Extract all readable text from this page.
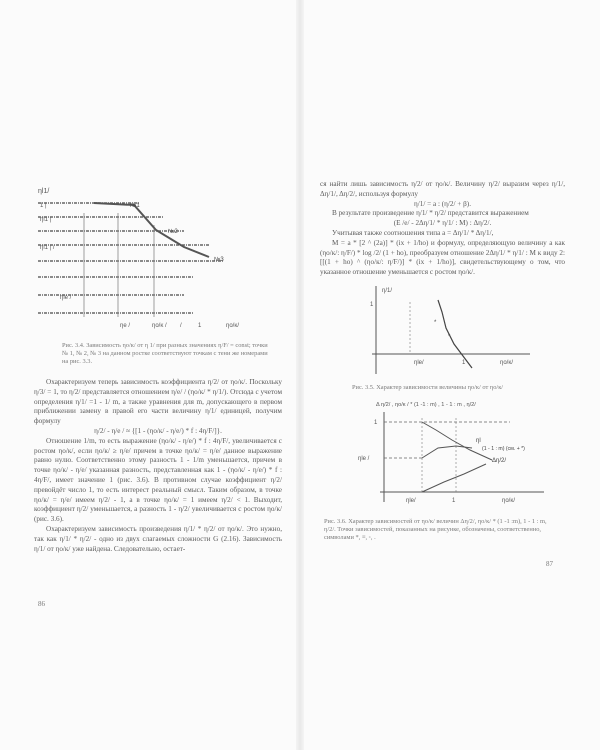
ηl1/
1 |
ηl1 |
ηl1 | /
ηle /
№1
№2
№3
ηe /	ηo/κ / /	1	ηo/κ/
Рис. 3.4. Зависимость ηо/к/ от η 1/ при разных значениях η/F/ = const; точки № 1, № 2, № 3 на данном ростке соответствуют точкам с тени же номерами на рис. 3.3.

Охарактеризуем теперь зависимость коэффициента η/2/ от ηо/к/. Поскольку η/3/ = 1, то η/2/ представляется отношением η/е/ / (ηо/к/ * η/1/). Отсюда с учетом определения η/1/ =1 - 1/ m, а также уравнения для m, допускающего в первом приближении замену в правой его части величину η/1/ единицей, получим формулу

η/2/ - η/е / ≈ {[1 - (ηо/к/ - η/е/) * f : 4η/F/]}.

Отношение 1/m, то есть выражение (ηо/к/ - η/е/) * f : 4η/F/, увеличивается с ростом ηо/к/, если ηо/к/ ≥ η/е/ причем в точке ηо/к/ = η/е/ данное выражение равно нулю. Соответственно этому разность 1 - 1/m уменьшается, причем в точке ηо/к/ - η/е/ указанная разность, представленная как 1 - (ηо/к/ - η/е/) * f : 4η/F/, имеет значение 1 (рис. 3.6). В противном случае коэффициент η/2/ превойдёт число 1, то есть интерест реальный смысл. Таким образом, в точке ηо/к/ = η/е/ имеем η/2/ - 1, а в точке ηо/к/ = 1 имеем η/2/ < 1. Выходит, коэффициент η/2/ уменьшается, а разность 1 - η/2/ увеличивается с ростом ηо/к/ (рис. 3.6).

Охарактеризуем зависимость произведения η/1/ * η/2/ от ηо/к/. Это нужно, так как η/1/ * η/2/ - одно из двух слагаемых сложности G (2.16). Зависимость η/1/ от ηо/к/ уже найдена. Следовательно, остает-

86

ся найти лишь зависимость η/2/ от ηо/к/. Величину η/2/ выразим через η/1/, Δη/1/, Δη/2/, используя формулу

η/1/ = a : (η/2/ + β).

В результате произведение η/1/ * η/2/ представится выражением

(E /е/ - 2Δη/1/ * η/1/ : M) : Δη/2/.

Учитывая также соотношения типа a = Δη/1/ * Δη/1/,

M = a * [2 ^ (2a)] * (ix + 1/ho) и формулу, определяющую величину a как (ηо/к/: η/F/) * log /2/ (1 + ho), преобразуем отношение 2Δη/1/ * η/1/ : M к виду 2: [[(1 + ho) ^ (ηо/к/: η/F/)] * (ix + 1/ho)], свидетельствующему о том, что указанное отношение уменьшается с ростом ηо/к/.

η/1/
1
*
*
ηle/	1	ηo/κ/
Рис. 3.5. Характер зависимости величины ηо/к/ от ηо/к/
Δ η/2/ , ηo/κ / * (1 -1 : m) , 1 - 1 : m , η/2/
1
ηle /
ηl
Δη/2/
(1 - 1 : m) (см. + *)
ηle/	1	ηo/κ/
Рис. 3.6. Характер зависимостей от ηо/к/ величин Δη/2/, ηо/к/ * (1 -1 :m), 1 - 1 : m, η/2/. Точки зависимостей, показанных на рисунке, обозначены, соответственно, символами *, ≡, ◦, .
87
